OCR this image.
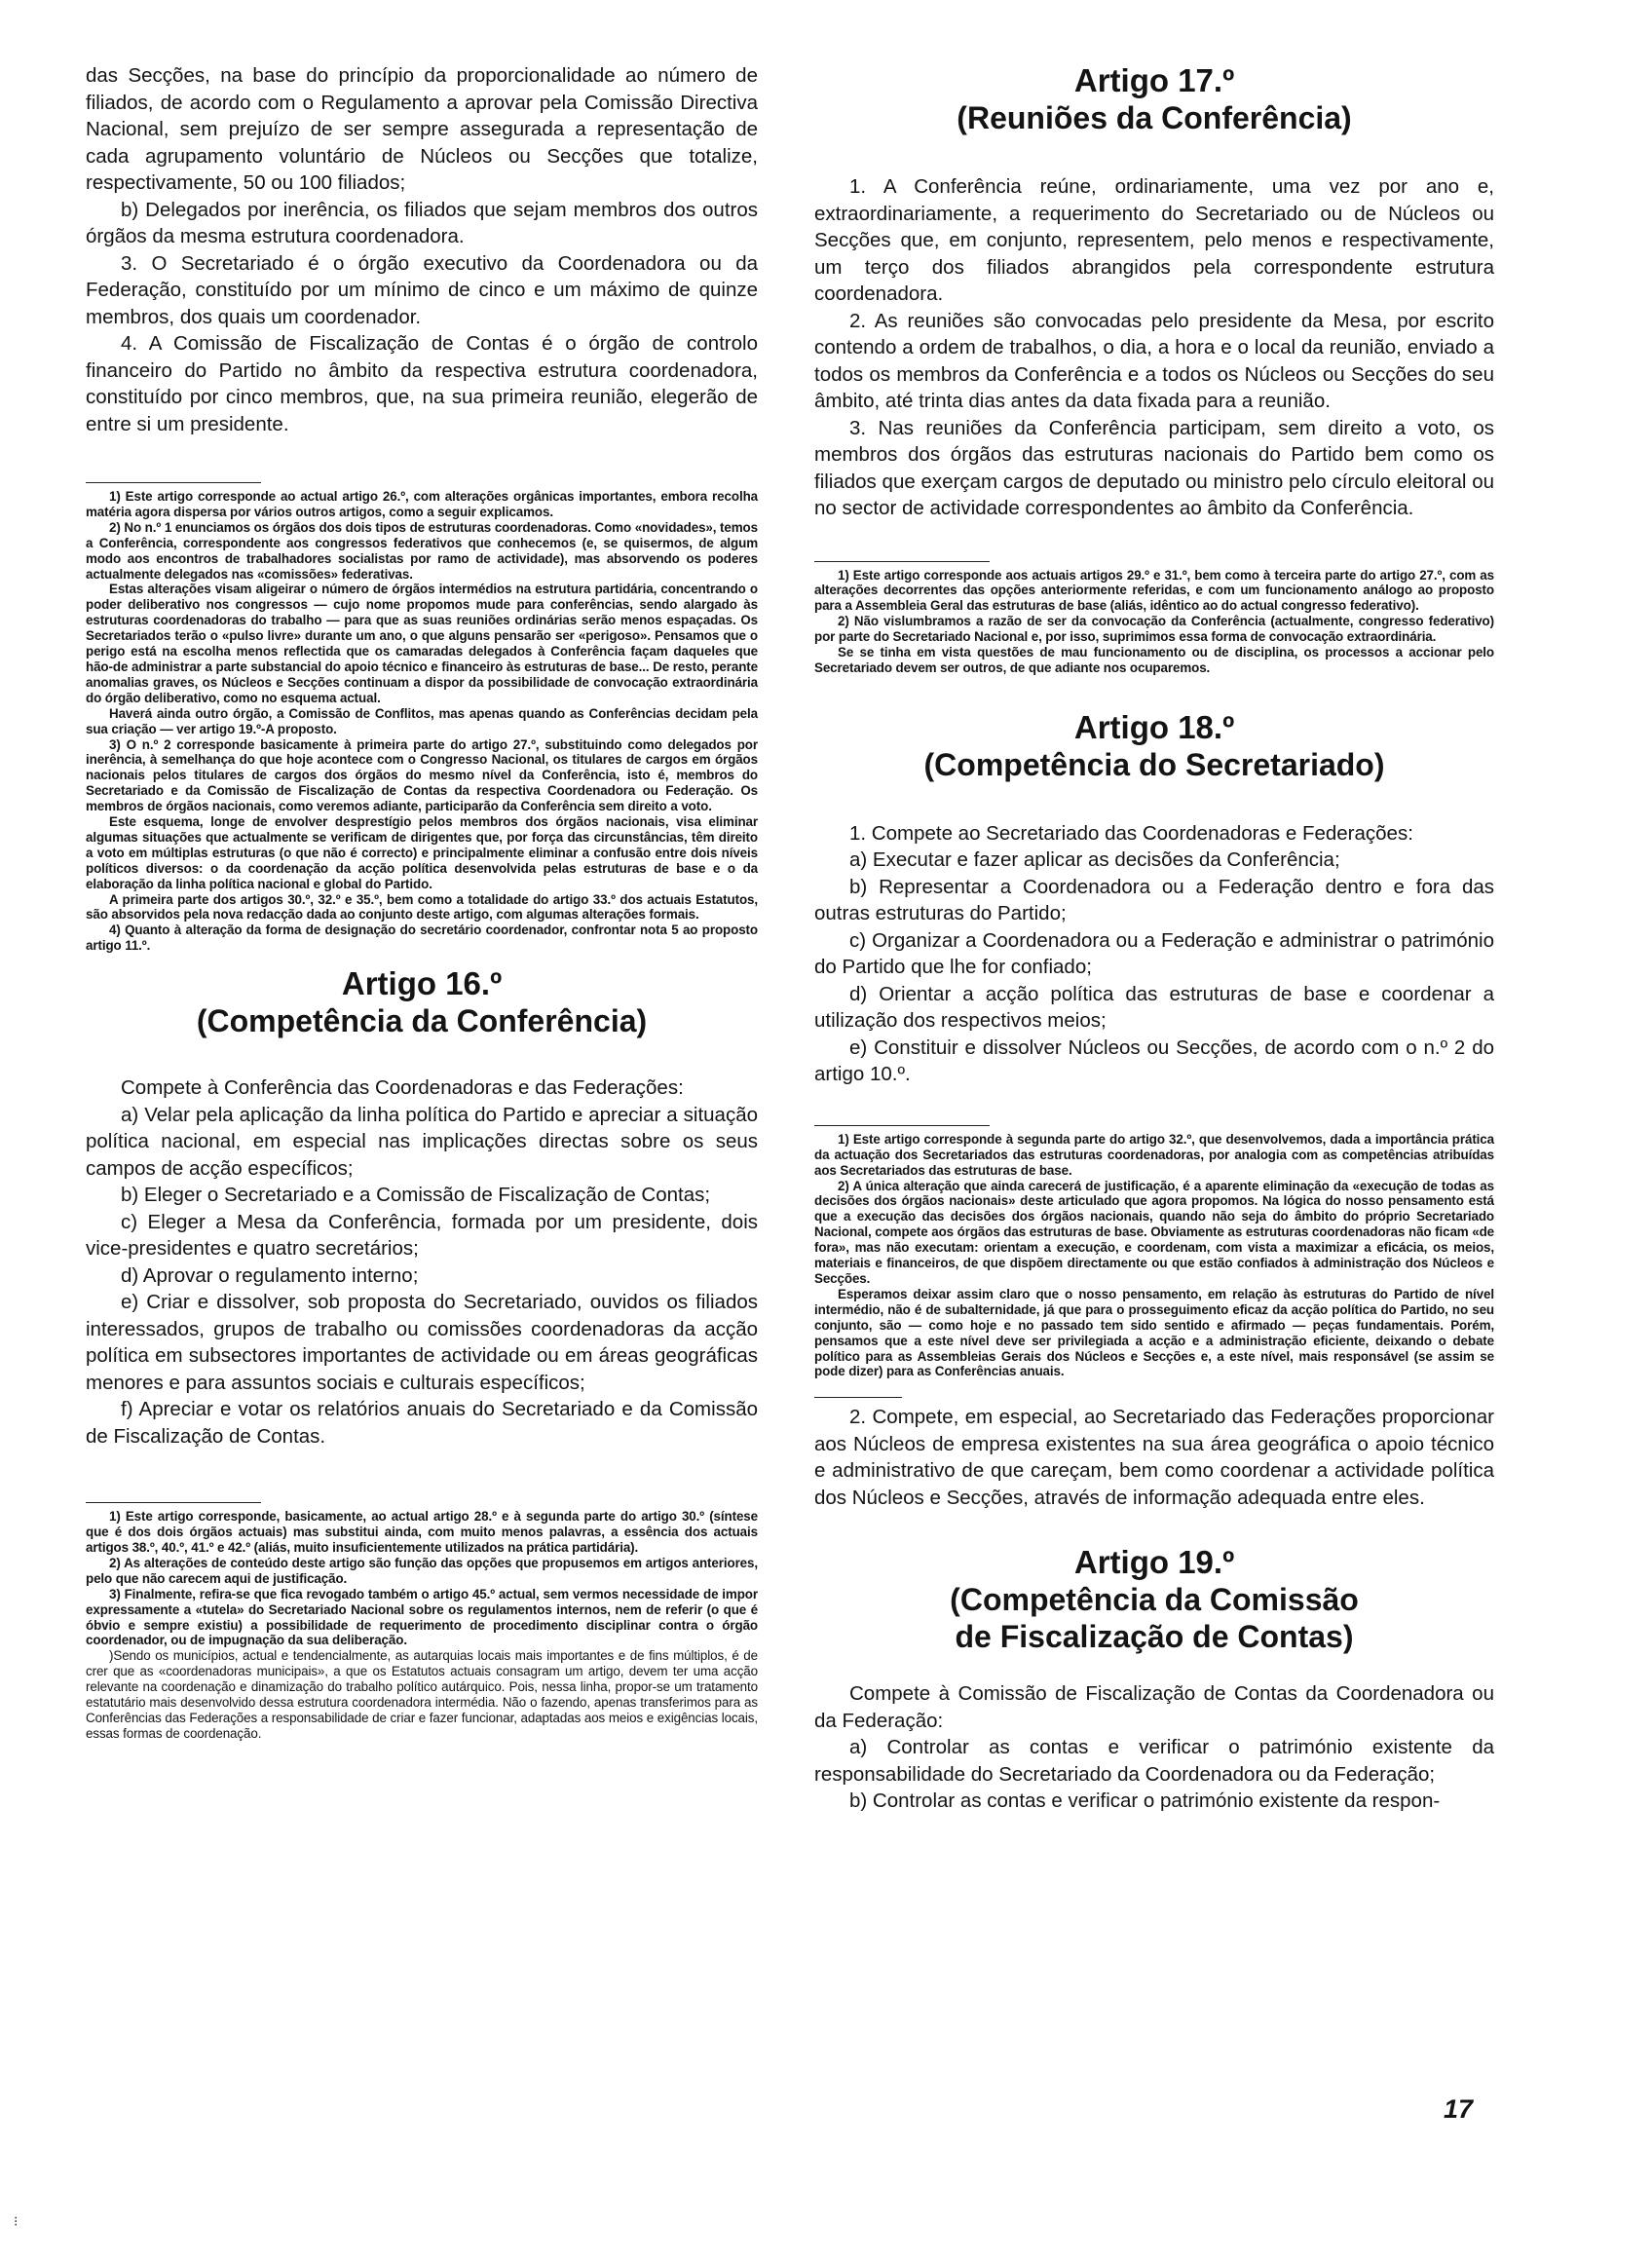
das Secções, na base do princípio da proporcionalidade ao número de filiados, de acordo com o Regulamento a aprovar pela Comissão Directiva Nacional, sem prejuízo de ser sempre assegurada a representação de cada agrupamento voluntário de Núcleos ou Secções que totalize, respectivamente, 50 ou 100 filiados;

b) Delegados por inerência, os filiados que sejam membros dos outros órgãos da mesma estrutura coordenadora.

3. O Secretariado é o órgão executivo da Coordenadora ou da Federação, constituído por um mínimo de cinco e um máximo de quinze membros, dos quais um coordenador.

4. A Comissão de Fiscalização de Contas é o órgão de controlo financeiro do Partido no âmbito da respectiva estrutura coordenadora, constituído por cinco membros, que, na sua primeira reunião, elegerão de entre si um presidente.

1) Este artigo corresponde ao actual artigo 26.º, com alterações orgânicas importantes, embora recolha matéria agora dispersa por vários outros artigos, como a seguir explicamos.

2) No n.º 1 enunciamos os órgãos dos dois tipos de estruturas coordenadoras. Como «novidades», temos a Conferência, correspondente aos congressos federativos que conhecemos (e, se quisermos, de algum modo aos encontros de trabalhadores socialistas por ramo de actividade), mas absorvendo os poderes actualmente delegados nas «comissões» federativas.

Estas alterações visam aligeirar o número de órgãos intermédios na estrutura partidária, concentrando o poder deliberativo nos congressos — cujo nome propomos mude para conferências, sendo alargado às estruturas coordenadoras do trabalho — para que as suas reuniões ordinárias serão menos espaçadas. Os Secretariados terão o «pulso livre» durante um ano, o que alguns pensarão ser «perigoso». Pensamos que o perigo está na escolha menos reflectida que os camaradas delegados à Conferência façam daqueles que hão-de administrar a parte substancial do apoio técnico e financeiro às estruturas de base... De resto, perante anomalias graves, os Núcleos e Secções continuam a dispor da possibilidade de convocação extraordinária do órgão deliberativo, como no esquema actual.

Haverá ainda outro órgão, a Comissão de Conflitos, mas apenas quando as Conferências decidam pela sua criação — ver artigo 19.º-A proposto.

3) O n.º 2 corresponde basicamente à primeira parte do artigo 27.º, substituindo como delegados por inerência, à semelhança do que hoje acontece com o Congresso Nacional, os titulares de cargos em órgãos nacionais pelos titulares de cargos dos órgãos do mesmo nível da Conferência, isto é, membros do Secretariado e da Comissão de Fiscalização de Contas da respectiva Coordenadora ou Federação. Os membros de órgãos nacionais, como veremos adiante, participarão da Conferência sem direito a voto.

Este esquema, longe de envolver desprestígio pelos membros dos órgãos nacionais, visa eliminar algumas situações que actualmente se verificam de dirigentes que, por força das circunstâncias, têm direito a voto em múltiplas estruturas (o que não é correcto) e principalmente eliminar a confusão entre dois níveis políticos diversos: o da coordenação da acção política desenvolvida pelas estruturas de base e o da elaboração da linha política nacional e global do Partido.

A primeira parte dos artigos 30.º, 32.º e 35.º, bem como a totalidade do artigo 33.º dos actuais Estatutos, são absorvidos pela nova redacção dada ao conjunto deste artigo, com algumas alterações formais.

4) Quanto à alteração da forma de designação do secretário coordenador, confrontar nota 5 ao proposto artigo 11.º.

Artigo 16.º
(Competência da Conferência)

Compete à Conferência das Coordenadoras e das Federações:

a) Velar pela aplicação da linha política do Partido e apreciar a situação política nacional, em especial nas implicações directas sobre os seus campos de acção específicos;

b) Eleger o Secretariado e a Comissão de Fiscalização de Contas;

c) Eleger a Mesa da Conferência, formada por um presidente, dois vice-presidentes e quatro secretários;

d) Aprovar o regulamento interno;

e) Criar e dissolver, sob proposta do Secretariado, ouvidos os filiados interessados, grupos de trabalho ou comissões coordenadoras da acção política em subsectores importantes de actividade ou em áreas geográficas menores e para assuntos sociais e culturais específicos;

f) Apreciar e votar os relatórios anuais do Secretariado e da Comissão de Fiscalização de Contas.

1) Este artigo corresponde, basicamente, ao actual artigo 28.º e à segunda parte do artigo 30.º (síntese que é dos dois órgãos actuais) mas substitui ainda, com muito menos palavras, a essência dos actuais artigos 38.º, 40.º, 41.º e 42.º (aliás, muito insuficientemente utilizados na prática partidária).

2) As alterações de conteúdo deste artigo são função das opções que propusemos em artigos anteriores, pelo que não carecem aqui de justificação.

3) Finalmente, refira-se que fica revogado também o artigo 45.º actual, sem vermos necessidade de impor expressamente a «tutela» do Secretariado Nacional sobre os regulamentos internos, nem de referir (o que é óbvio e sempre existiu) a possibilidade de requerimento de procedimento disciplinar contra o órgão coordenador, ou de impugnação da sua deliberação.

)Sendo os municípios, actual e tendencialmente, as autarquias locais mais importantes e de fins múltiplos, é de crer que as «coordenadoras municipais», a que os Estatutos actuais consagram um artigo, devem ter uma acção relevante na coordenação e dinamização do trabalho político autárquico. Pois, nessa linha, propor-se um tratamento estatutário mais desenvolvido dessa estrutura coordenadora intermédia. Não o fazendo, apenas transferimos para as Conferências das Federações a responsabilidade de criar e fazer funcionar, adaptadas aos meios e exigências locais, essas formas de coordenação.

Artigo 17.º
(Reuniões da Conferência)

1. A Conferência reúne, ordinariamente, uma vez por ano e, extraordinariamente, a requerimento do Secretariado ou de Núcleos ou Secções que, em conjunto, representem, pelo menos e respectivamente, um terço dos filiados abrangidos pela correspondente estrutura coordenadora.

2. As reuniões são convocadas pelo presidente da Mesa, por escrito contendo a ordem de trabalhos, o dia, a hora e o local da reunião, enviado a todos os membros da Conferência e a todos os Núcleos ou Secções do seu âmbito, até trinta dias antes da data fixada para a reunião.

3. Nas reuniões da Conferência participam, sem direito a voto, os membros dos órgãos das estruturas nacionais do Partido bem como os filiados que exerçam cargos de deputado ou ministro pelo círculo eleitoral ou no sector de actividade correspondentes ao âmbito da Conferência.

1) Este artigo corresponde aos actuais artigos 29.º e 31.º, bem como à terceira parte do artigo 27.º, com as alterações decorrentes das opções anteriormente referidas, e com um funcionamento análogo ao proposto para a Assembleia Geral das estruturas de base (aliás, idêntico ao do actual congresso federativo).

2) Não vislumbramos a razão de ser da convocação da Conferência (actualmente, congresso federativo) por parte do Secretariado Nacional e, por isso, suprimimos essa forma de convocação extraordinária.

Se se tinha em vista questões de mau funcionamento ou de disciplina, os processos a accionar pelo Secretariado devem ser outros, de que adiante nos ocuparemos.

Artigo 18.º
(Competência do Secretariado)

1. Compete ao Secretariado das Coordenadoras e Federações:

a) Executar e fazer aplicar as decisões da Conferência;

b) Representar a Coordenadora ou a Federação dentro e fora das outras estruturas do Partido;

c) Organizar a Coordenadora ou a Federação e administrar o património do Partido que lhe for confiado;

d) Orientar a acção política das estruturas de base e coordenar a utilização dos respectivos meios;

e) Constituir e dissolver Núcleos ou Secções, de acordo com o n.º 2 do artigo 10.º.

1) Este artigo corresponde à segunda parte do artigo 32.º, que desenvolvemos, dada a importância prática da actuação dos Secretariados das estruturas coordenadoras, por analogia com as competências atribuídas aos Secretariados das estruturas de base.

2) A única alteração que ainda carecerá de justificação, é a aparente eliminação da «execução de todas as decisões dos órgãos nacionais» deste articulado que agora propomos. Na lógica do nosso pensamento está que a execução das decisões dos órgãos nacionais, quando não seja do âmbito do próprio Secretariado Nacional, compete aos órgãos das estruturas de base. Obviamente as estruturas coordenadoras não ficam «de fora», mas não executam: orientam a execução, e coordenam, com vista a maximizar a eficácia, os meios, materiais e financeiros, de que dispõem directamente ou que estão confiados à administração dos Núcleos e Secções.

Esperamos deixar assim claro que o nosso pensamento, em relação às estruturas do Partido de nível intermédio, não é de subalternidade, já que para o prosseguimento eficaz da acção política do Partido, no seu conjunto, são — como hoje e no passado tem sido sentido e afirmado — peças fundamentais. Porém, pensamos que a este nível deve ser privilegiada a acção e a administração eficiente, deixando o debate político para as Assembleias Gerais dos Núcleos e Secções e, a este nível, mais responsável (se assim se pode dizer) para as Conferências anuais.

2. Compete, em especial, ao Secretariado das Federações proporcionar aos Núcleos de empresa existentes na sua área geográfica o apoio técnico e administrativo de que careçam, bem como coordenar a actividade política dos Núcleos e Secções, através de informação adequada entre eles.

Artigo 19.º
(Competência da Comissão
de Fiscalização de Contas)

Compete à Comissão de Fiscalização de Contas da Coordenadora ou da Federação:

a) Controlar as contas e verificar o património existente da responsabilidade do Secretariado da Coordenadora ou da Federação;

b) Controlar as contas e verificar o património existente da respon-

17
⁝
